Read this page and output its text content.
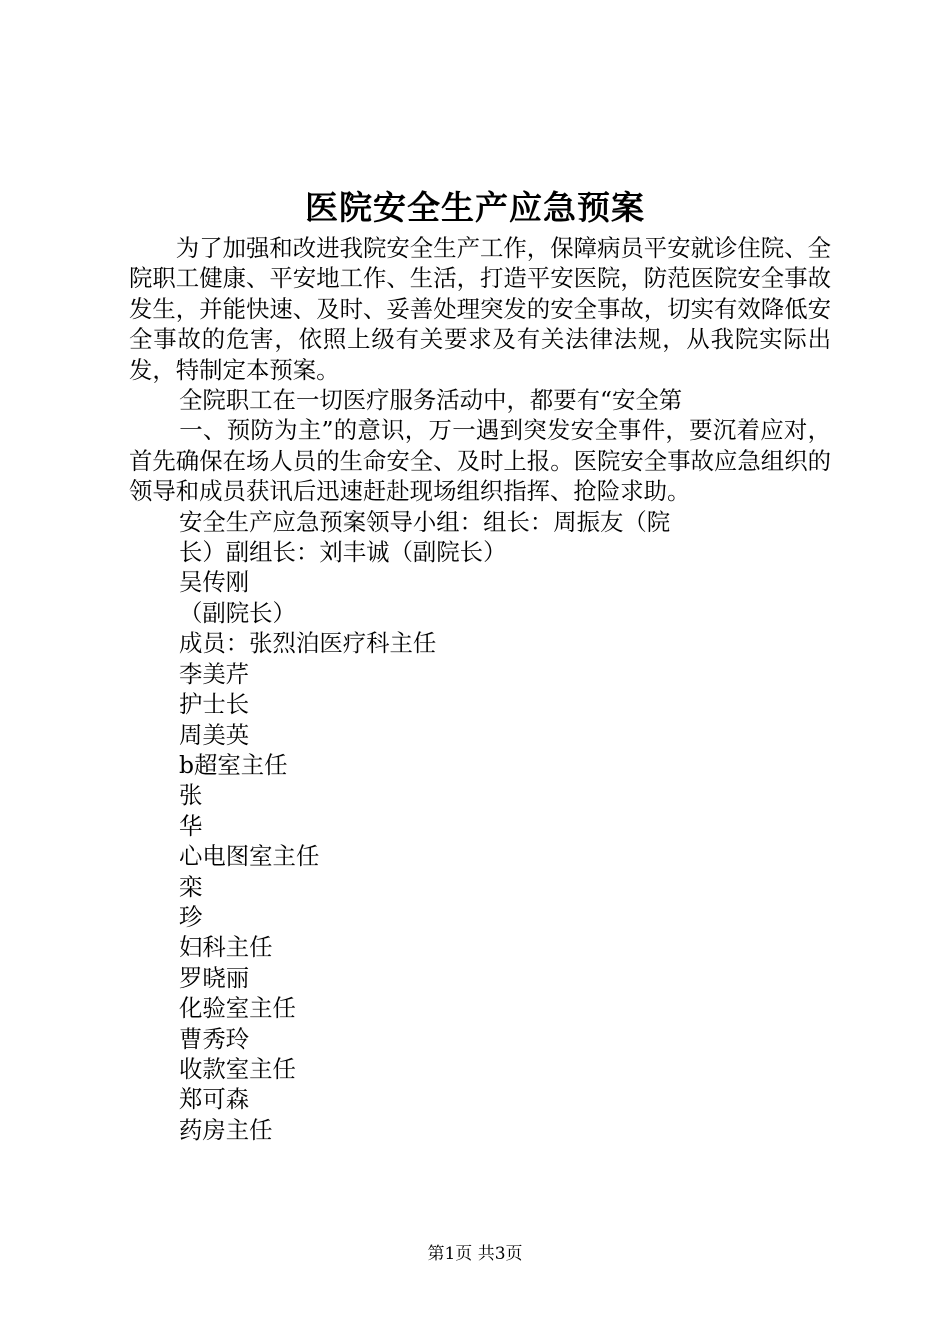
医院安全生产应急预案

为了加强和改进我院安全生产工作，保障病员平安就诊住院、全院职工健康、平安地工作、生活，打造平安医院，防范医院安全事故发生，并能快速、及时、妥善处理突发的安全事故，切实有效降低安全事故的危害，依照上级有关要求及有关法律法规，从我院实际出发，特制定本预案。

全院职工在一切医疗服务活动中，都要有“安全第

一、预防为主”的意识，万一遇到突发安全事件，要沉着应对，首先确保在场人员的生命安全、及时上报。医院安全事故应急组织的领导和成员获讯后迅速赶赴现场组织指挥、抢险求助。

安全生产应急预案领导小组：组长：周振友（院

长）副组长：刘丰诚（副院长）

吴传刚

（副院长）

成员：张烈泊医疗科主任

李美芹

护士长

周美英

b超室主任

张

华

心电图室主任

栾

珍

妇科主任

罗晓丽

化验室主任

曹秀玲

收款室主任

郑可森

药房主任

第1页 共3页
